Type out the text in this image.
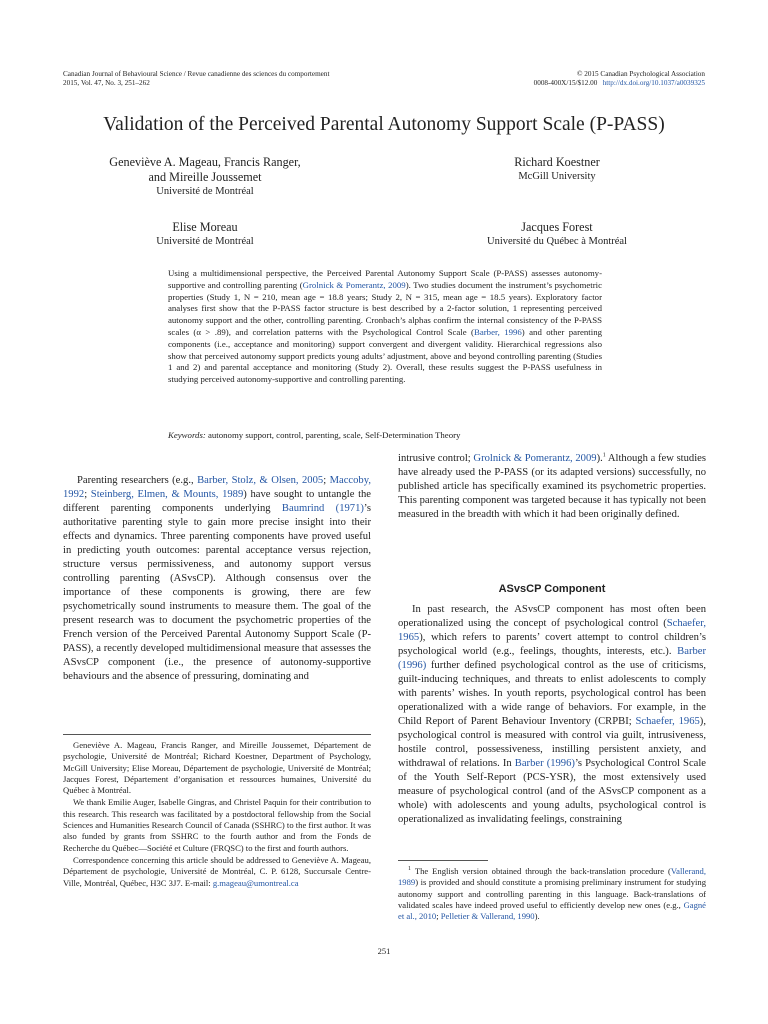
Canadian Journal of Behavioural Science / Revue canadienne des sciences du comportement
2015, Vol. 47, No. 3, 251–262
© 2015 Canadian Psychological Association
0008-400X/15/$12.00 http://dx.doi.org/10.1037/a0039325
Validation of the Perceived Parental Autonomy Support Scale (P-PASS)
Geneviève A. Mageau, Francis Ranger,
and Mireille Joussemet
Université de Montréal
Richard Koestner
McGill University
Elise Moreau
Université de Montréal
Jacques Forest
Université du Québec à Montréal
Using a multidimensional perspective, the Perceived Parental Autonomy Support Scale (P-PASS) assesses autonomy-supportive and controlling parenting (Grolnick & Pomerantz, 2009). Two studies document the instrument’s psychometric properties (Study 1, N = 210, mean age = 18.8 years; Study 2, N = 315, mean age = 18.5 years). Exploratory factor analyses first show that the P-PASS factor structure is best described by a 2-factor solution, 1 representing perceived autonomy support and the other, controlling parenting. Cronbach’s alphas confirm the internal consistency of the P-PASS scales (α > .89), and correlation patterns with the Psychological Control Scale (Barber, 1996) and other parenting components (i.e., acceptance and monitoring) support convergent and divergent validity. Hierarchical regressions also show that perceived autonomy support predicts young adults’ adjustment, above and beyond controlling parenting (Studies 1 and 2) and parental acceptance and monitoring (Study 2). Overall, these results suggest the P-PASS usefulness in studying perceived autonomy-supportive and controlling parenting.
Keywords: autonomy support, control, parenting, scale, Self-Determination Theory

Parenting researchers (e.g., Barber, Stolz, & Olsen, 2005; Maccoby, 1992; Steinberg, Elmen, & Mounts, 1989) have sought to untangle the different parenting components underlying Baumrind (1971)’s authoritative parenting style to gain more precise insight into their effects and dynamics. Three parenting components have proved useful in predicting youth outcomes: parental acceptance versus rejection, structure versus permissiveness, and autonomy support versus controlling parenting (ASvsCP). Although consensus over the importance of these components is growing, there are few psychometrically sound instruments to measure them. The goal of the present research was to document the psychometric properties of the French version of the Perceived Parental Autonomy Support Scale (P-PASS), a recently developed multidimensional measure that assesses the ASvsCP component (i.e., the presence of autonomy-supportive behaviours and the absence of pressuring, dominating and

intrusive control; Grolnick & Pomerantz, 2009).$^1$ Although a few studies have already used the P-PASS (or its adapted versions) successfully, no published article has specifically examined its psychometric properties. This parenting component was targeted because it has typically not been measured in the breadth with which it had been originally defined.

ASvsCP Component

In past research, the ASvsCP component has most often been operationalized using the concept of psychological control (Schaefer, 1965), which refers to parents’ covert attempt to control children’s psychological world (e.g., feelings, thoughts, interests, etc.). Barber (1996) further defined psychological control as the use of criticisms, guilt-inducing techniques, and threats to enlist adolescents to comply with parents’ wishes. In youth reports, psychological control has been operationalized with a wide range of behaviors. For example, in the Child Report of Parent Behaviour Inventory (CRPBI; Schaefer, 1965), psychological control is measured with control via guilt, intrusiveness, hostile control, possessiveness, instilling persistent anxiety, and withdrawal of relations. In Barber (1996)’s Psychological Control Scale of the Youth Self-Report (PCS-YSR), the most extensively used measure of psychological control (and of the ASvsCP component as a whole) with adolescents and young adults, psychological control is operationalized as invalidating feelings, constraining

Geneviève A. Mageau, Francis Ranger, and Mireille Joussemet, Département de psychologie, Université de Montréal; Richard Koestner, Department of Psychology, McGill University; Elise Moreau, Département de psychologie, Université de Montréal; Jacques Forest, Département d’organisation et ressources humaines, Université du Québec à Montréal.

We thank Emilie Auger, Isabelle Gingras, and Christel Paquin for their contribution to this research. This research was facilitated by a postdoctoral fellowship from the Social Sciences and Humanities Research Council of Canada (SSHRC) to the first author. It was also funded by grants from SSHRC to the fourth author and from the Fonds de Recherche du Québec—Société et Culture (FRQSC) to the first and fourth authors.

Correspondence concerning this article should be addressed to Geneviève A. Mageau, Département de psychologie, Université de Montréal, C. P. 6128, Succursale Centre-Ville, Montréal, Québec, H3C 3J7. E-mail: g.mageau@umontreal.ca

$^1$ The English version obtained through the back-translation procedure (Vallerand, 1989) is provided and should constitute a promising preliminary instrument for studying autonomy support and controlling parenting in this language. Back-translations of validated scales have indeed proved useful to efficiently develop new ones (e.g., Gagné et al., 2010; Pelletier & Vallerand, 1990).

251
